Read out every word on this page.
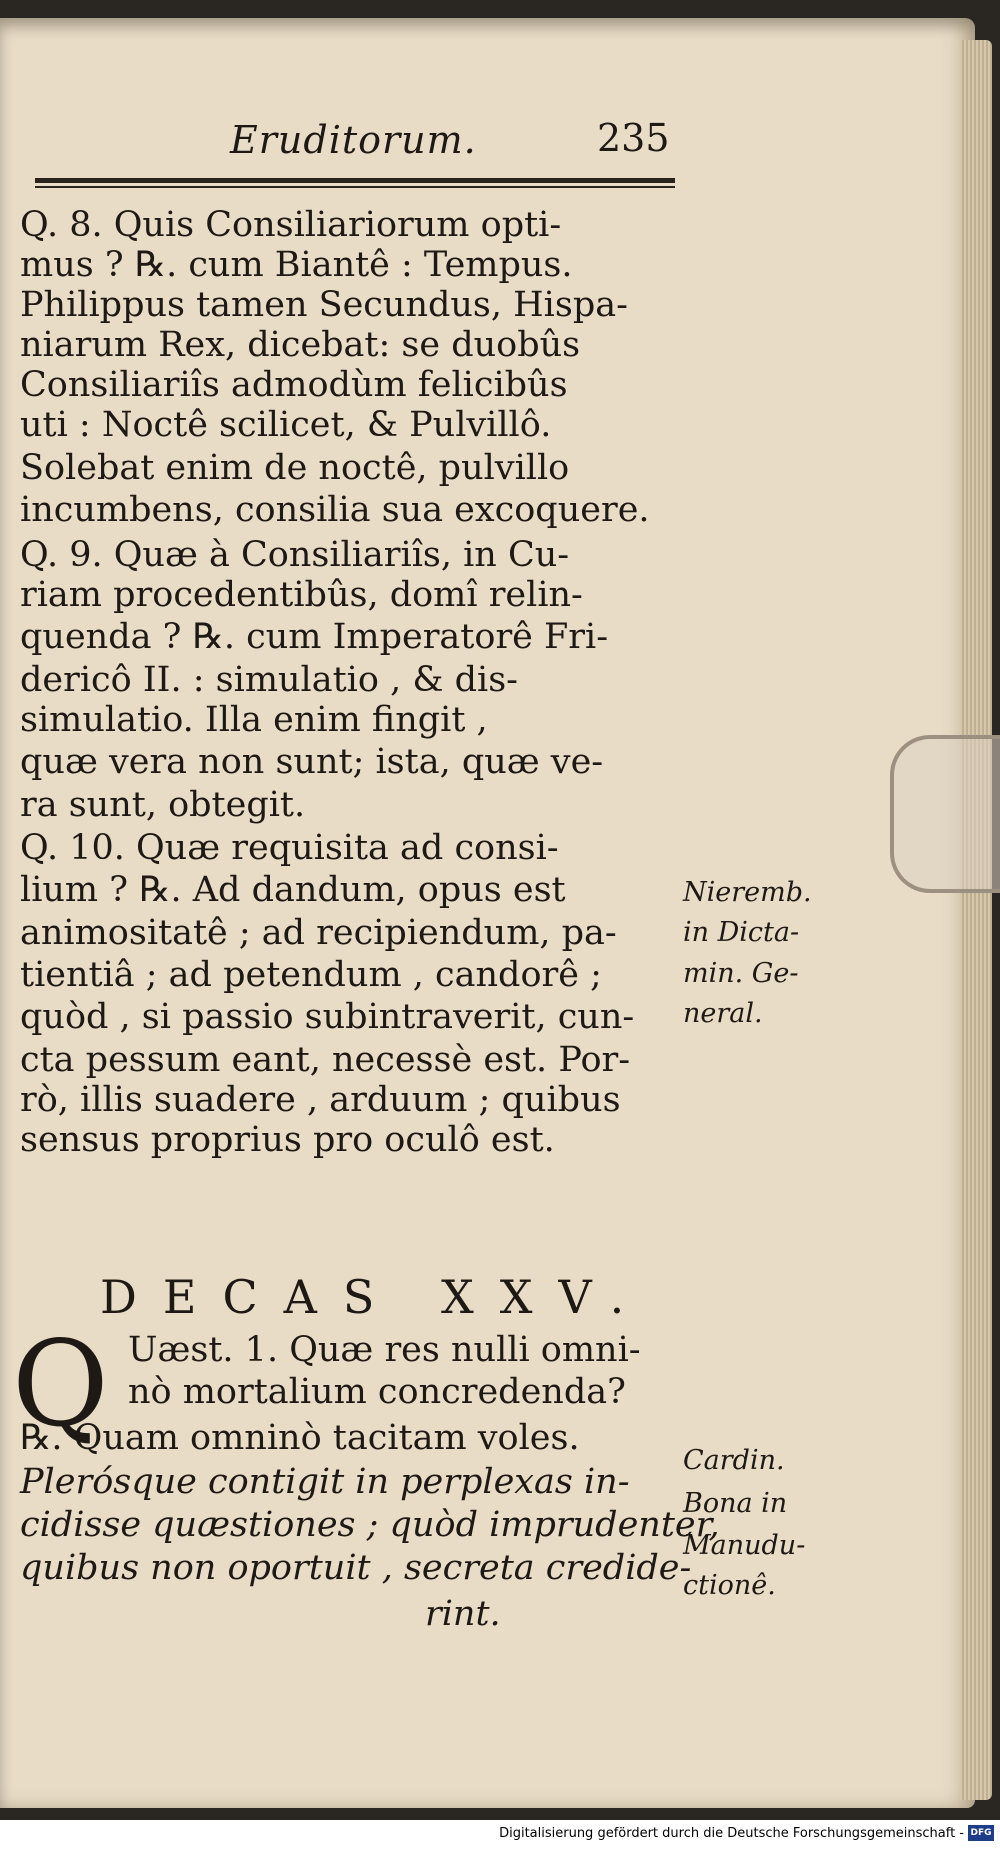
Eruditorum.	235
Q. 8. Quis Consiliariorum opti-
mus ? ℞. cum Biantê : Tempus.
Philippus tamen Secundus, Hispa-
niarum Rex, dicebat: se duobûs
Consiliariîs admodùm felicibûs
uti : Noctê scilicet, & Pulvillô.
Solebat enim de noctê, pulvillo
incumbens, consilia sua excoquere.
Q. 9. Quæ à Consiliariîs, in Cu-
riam procedentibûs, domî relin-
quenda ? ℞. cum Imperatorê Fri-
dericô II. : simulatio , & dis-
simulatio. Illa enim fingit ,
quæ vera non sunt; ista, quæ ve-
ra sunt, obtegit.
Q. 10. Quæ requisita ad consi-
lium ? ℞. Ad dandum, opus est
animositatê ; ad recipiendum, pa-
tientiâ ; ad petendum , candorê ;
quòd , si passio subintraverit, cun-
cta pessum eant, necessè est. Por-
rò, illis suadere , arduum ; quibus
sensus proprius pro oculô est.
DECAS XXV.
Q Uæst. 1. Quæ res nulli omni-
nò mortalium concredenda?
℞. Quam omninò tacitam voles.
Plerósque contigit in perplexas in-
cidisse quæstiones ; quòd imprudenter,
quibus non oportuit , secreta credide-
rint.
Nieremb.
in Dicta-
min. Ge-
neral.
Cardin.
Bona in
Manudu-
ctionê.
Digitalisierung gefördert durch die Deutsche Forschungsgemeinschaft - DFG
